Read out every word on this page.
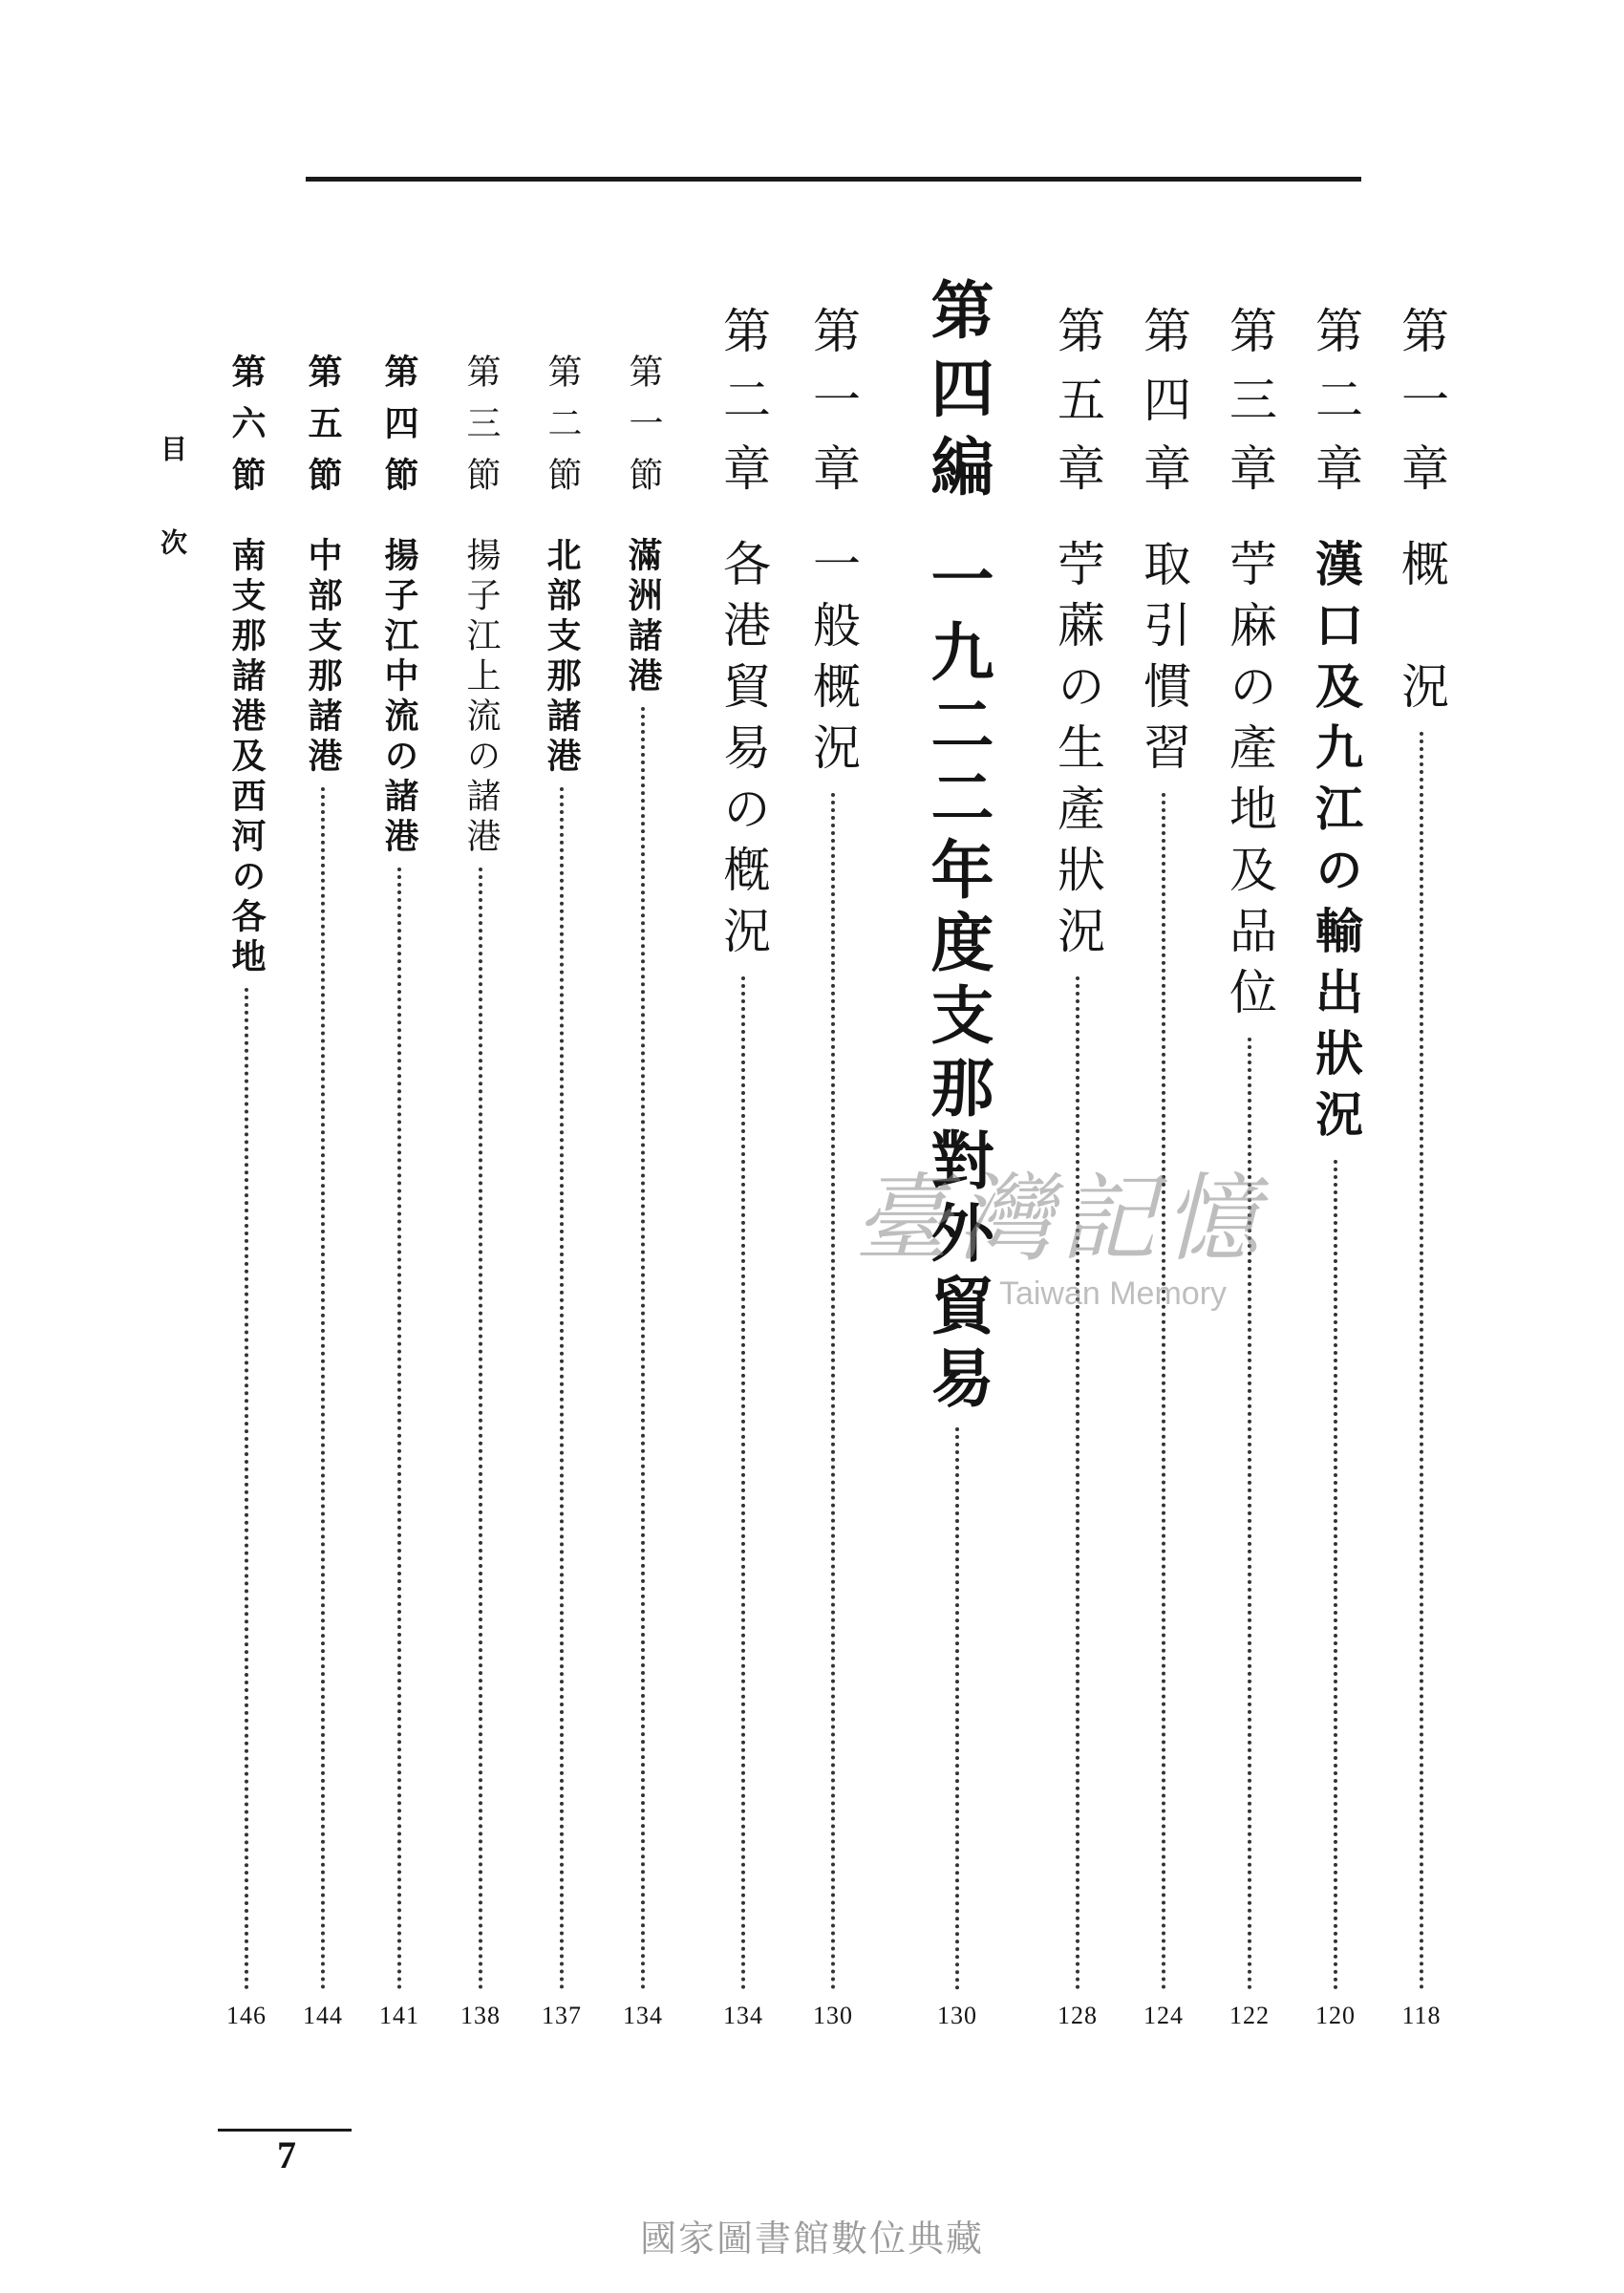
第一章
概　況
118
第二章
漢口及九江の輸出狀況
120
第三章
苧麻の產地及品位
122
第四章
取引慣習
124
第五章
苧蔴の生產狀況
128
第四編
一九二二年度支那對外貿易
130
第一章
一般概況
130
第二章
各港貿易の槪況
134
第一節
滿洲諸港
134
第二節
北部支那諸港
137
第三節
揚子江上流の諸港
138
第四節
揚子江中流の諸港
141
第五節
中部支那諸港
144
第六節
南支那諸港及西河の各地
146
目次
臺灣記憶
Taiwan Memory
7
國家圖書館數位典藏
